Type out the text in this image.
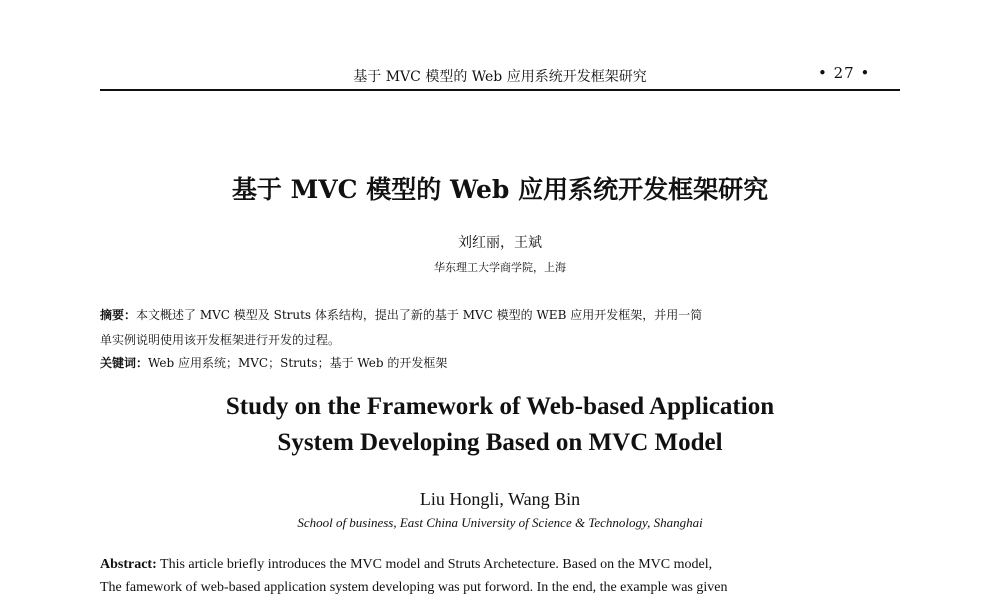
基于 MVC 模型的 Web 应用系统开发框架研究	• 27 •
基于 MVC 模型的 Web 应用系统开发框架研究
刘红丽，王斌
华东理工大学商学院，上海
摘要：本文概述了 MVC 模型及 Struts 体系结构，提出了新的基于 MVC 模型的 WEB 应用开发框架，并用一简
单实例说明使用该开发框架进行开发的过程。
关键词：Web 应用系统；MVC；Struts；基于 Web 的开发框架
Study on the Framework of Web-based Application
System Developing Based on MVC Model
Liu Hongli, Wang Bin
School of business, East China University of Science & Technology, Shanghai
Abstract: This article briefly introduces the MVC model and Struts Archetecture. Based on the MVC model,
The famework of web-based application system developing was put forword. In the end, the example was given
